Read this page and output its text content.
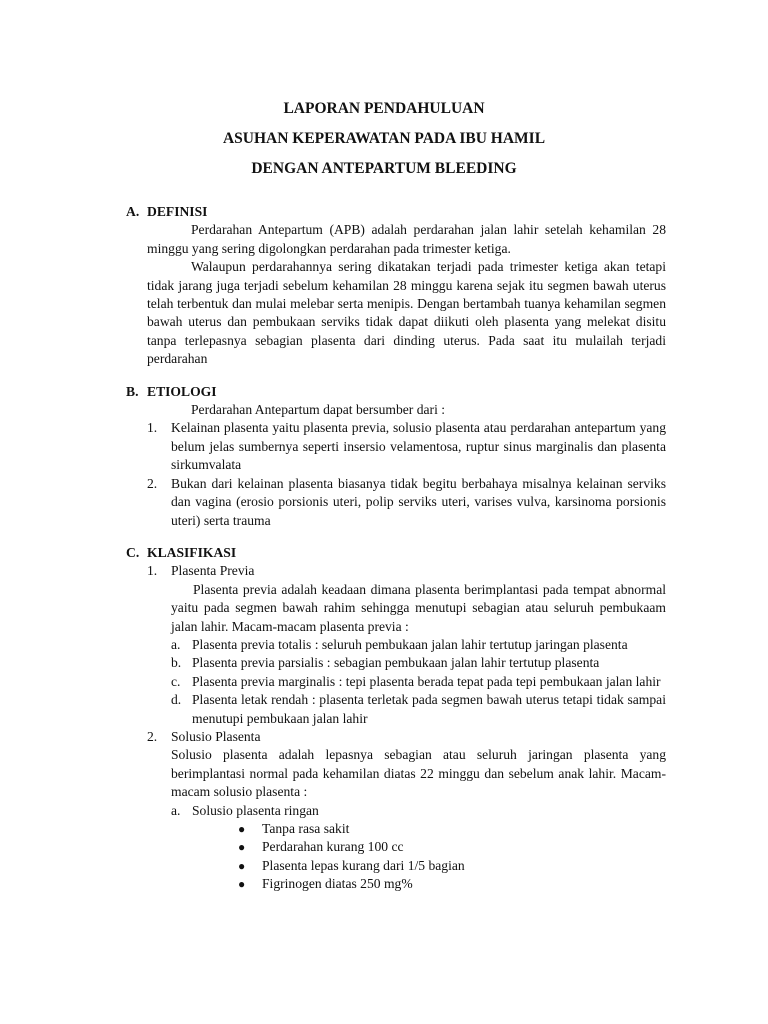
LAPORAN PENDAHULUAN
ASUHAN KEPERAWATAN PADA IBU HAMIL
DENGAN ANTEPARTUM BLEEDING
A. DEFINISI

Perdarahan Antepartum (APB) adalah perdarahan jalan lahir setelah kehamilan 28 minggu yang sering digolongkan perdarahan pada trimester ketiga.

Walaupun perdarahannya sering dikatakan terjadi pada trimester ketiga akan tetapi tidak jarang juga terjadi sebelum kehamilan 28 minggu karena sejak itu segmen bawah uterus telah terbentuk dan mulai melebar serta menipis. Dengan bertambah tuanya kehamilan segmen bawah uterus dan pembukaan serviks tidak dapat diikuti oleh plasenta yang melekat disitu tanpa terlepasnya sebagian plasenta dari dinding uterus. Pada saat itu mulailah terjadi perdarahan

B. ETIOLOGI

Perdarahan Antepartum dapat bersumber dari :

1.	Kelainan plasenta yaitu plasenta previa, solusio plasenta atau perdarahan antepartum yang belum jelas sumbernya seperti insersio velamentosa, ruptur sinus marginalis dan plasenta sirkumvalata
2.	Bukan dari kelainan plasenta biasanya tidak begitu berbahaya misalnya kelainan serviks dan vagina (erosio porsionis uteri, polip serviks uteri, varises vulva, karsinoma porsionis uteri) serta trauma
C. KLASIFIKASI
1.	Plasenta Previa

Plasenta previa adalah keadaan dimana plasenta berimplantasi pada tempat abnormal yaitu pada segmen bawah rahim sehingga menutupi sebagian atau seluruh pembukaam jalan lahir. Macam-macam plasenta previa :

a. Plasenta previa totalis : seluruh pembukaan jalan lahir tertutup jaringan plasenta
b. Plasenta previa parsialis : sebagian pembukaan jalan lahir tertutup plasenta
c. Plasenta previa marginalis : tepi plasenta berada tepat pada tepi pembukaan jalan lahir
d. Plasenta letak rendah : plasenta terletak pada segmen bawah uterus tetapi tidak sampai menutupi pembukaan jalan lahir
2.	Solusio Plasenta

Solusio plasenta adalah lepasnya sebagian atau seluruh jaringan plasenta yang berimplantasi normal pada kehamilan diatas 22 minggu dan sebelum anak lahir. Macam-macam solusio plasenta :

a. Solusio plasenta ringan
●	Tanpa rasa sakit
●	Perdarahan kurang 100 cc
●	Plasenta lepas kurang dari 1/5 bagian
●	Figrinogen diatas 250 mg%
